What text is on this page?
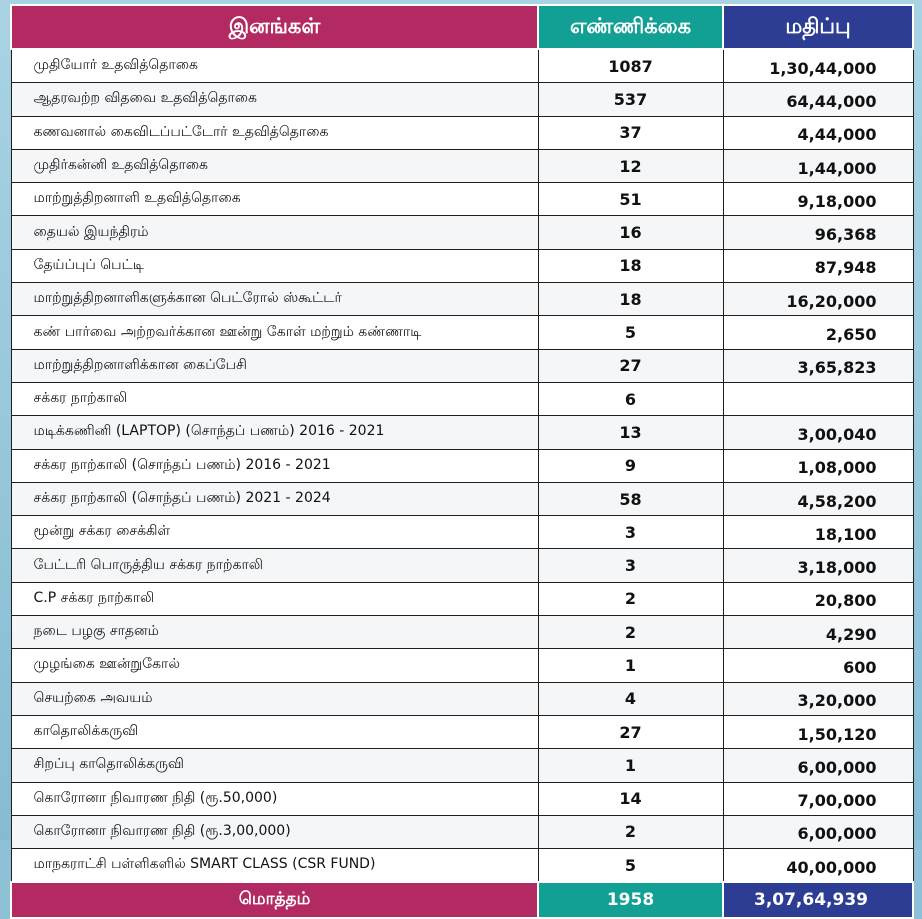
இனங்கள்	எண்ணிக்கை	மதிப்பு
முதியோர் உதவித்தொகை	1087	1,30,44,000
ஆதரவற்ற விதவை உதவித்தொகை	537	64,44,000
கணவனால் கைவிடப்பட்டோர் உதவித்தொகை	37	4,44,000
முதிர்கன்னி உதவித்தொகை	12	1,44,000
மாற்றுத்திறனாளி உதவித்தொகை	51	9,18,000
தையல் இயந்திரம்	16	96,368
தேய்ப்புப் பெட்டி	18	87,948
மாற்றுத்திறனாளிகளுக்கான பெட்ரோல் ஸ்கூட்டர்	18	16,20,000
கண் பார்வை அற்றவர்க்கான ஊன்று கோள் மற்றும் கண்ணாடி	5	2,650
மாற்றுத்திறனாளிக்கான கைப்பேசி	27	3,65,823
சக்கர நாற்காலி	6	
மடிக்கணினி (LAPTOP) (சொந்தப் பணம்) 2016 - 2021	13	3,00,040
சக்கர நாற்காலி (சொந்தப் பணம்) 2016 - 2021	9	1,08,000
சக்கர நாற்காலி (சொந்தப் பணம்) 2021 - 2024	58	4,58,200
மூன்று சக்கர சைக்கிள்	3	18,100
பேட்டரி பொருத்திய சக்கர நாற்காலி	3	3,18,000
C.P சக்கர நாற்காலி	2	20,800
நடை பழகு சாதனம்	2	4,290
முழங்கை ஊன்றுகோல்	1	600
செயற்கை அவயம்	4	3,20,000
காதொலிக்கருவி	27	1,50,120
சிறப்பு காதொலிக்கருவி	1	6,00,000
கொரோனா நிவாரண நிதி (ரூ.50,000)	14	7,00,000
கொரோனா நிவாரண நிதி (ரூ.3,00,000)	2	6,00,000
மாநகராட்சி பள்ளிகளில் SMART CLASS (CSR FUND)	5	40,00,000
மொத்தம்	1958	3,07,64,939
